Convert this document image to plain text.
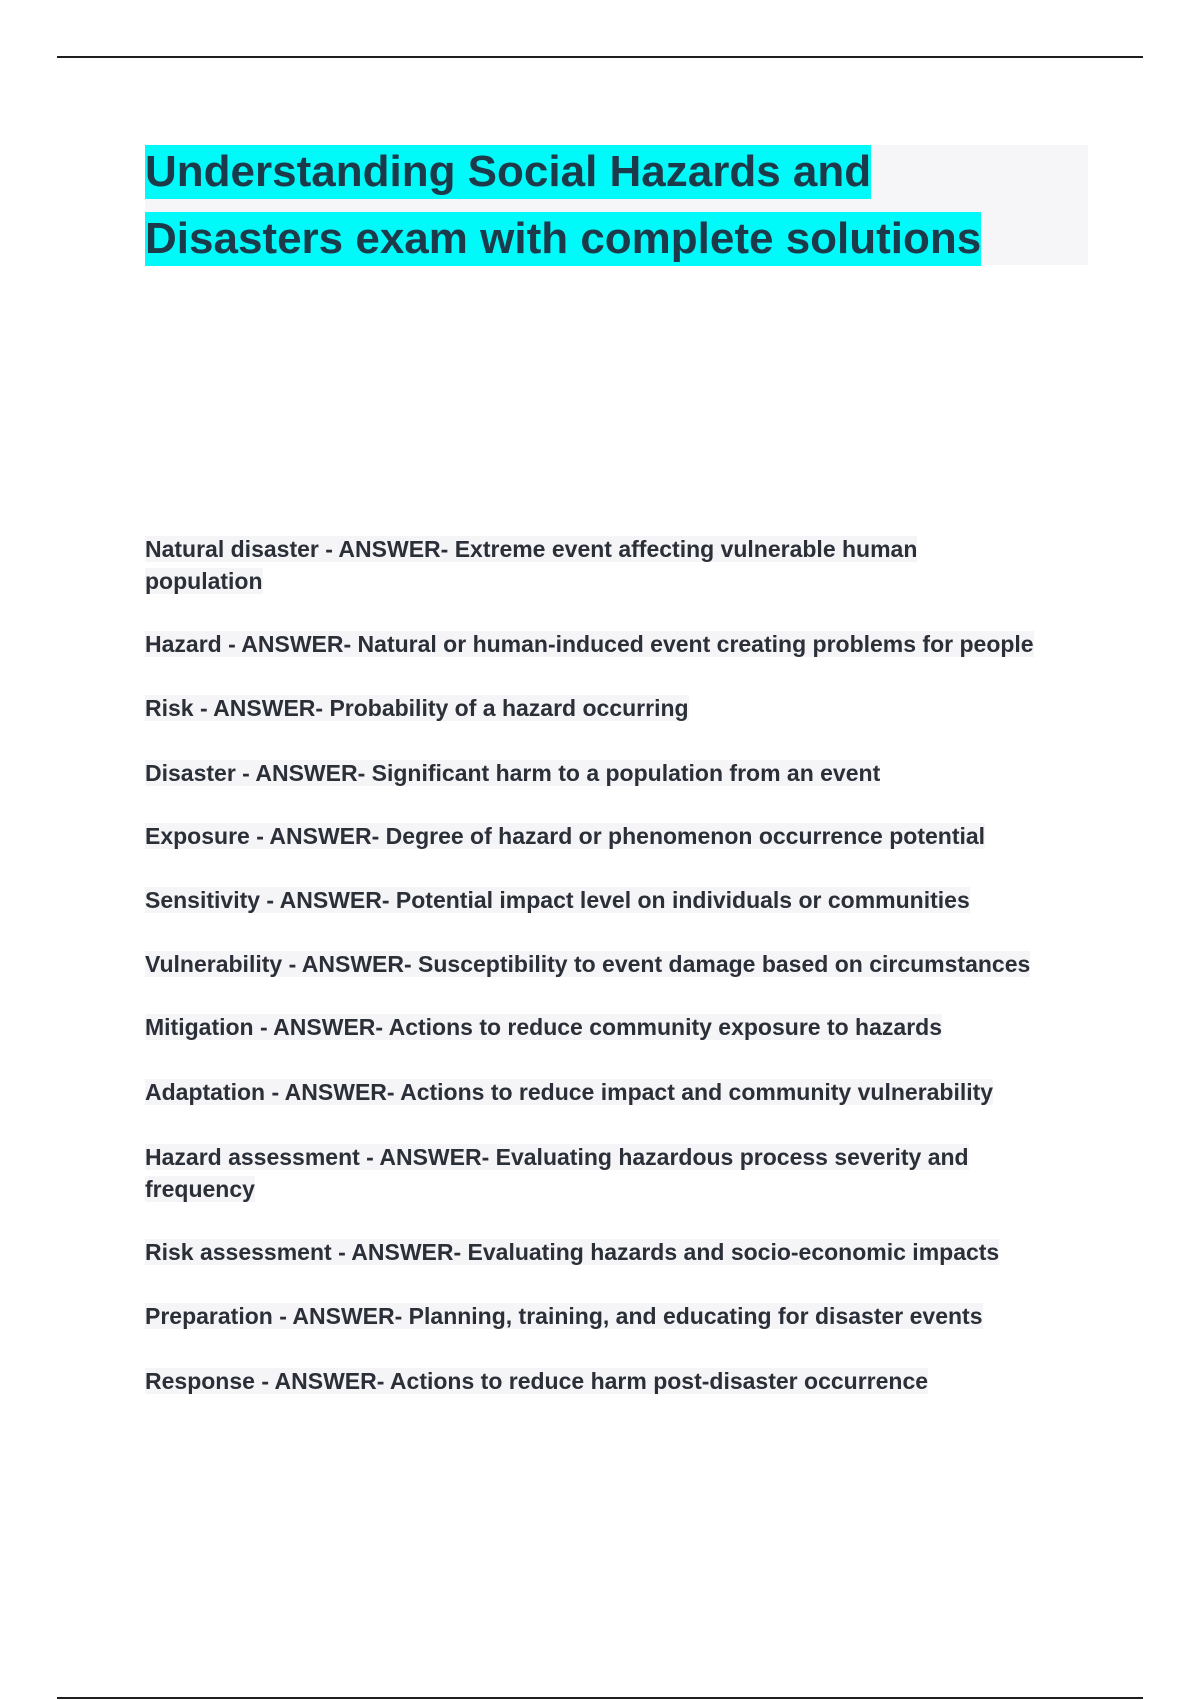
Understanding Social Hazards and
Disasters exam with complete solutions
Natural disaster - ANSWER- Extreme event affecting vulnerable human
population
Hazard - ANSWER- Natural or human-induced event creating problems for people
Risk - ANSWER- Probability of a hazard occurring
Disaster - ANSWER- Significant harm to a population from an event
Exposure - ANSWER- Degree of hazard or phenomenon occurrence potential
Sensitivity - ANSWER- Potential impact level on individuals or communities
Vulnerability - ANSWER- Susceptibility to event damage based on circumstances
Mitigation - ANSWER- Actions to reduce community exposure to hazards
Adaptation - ANSWER- Actions to reduce impact and community vulnerability
Hazard assessment - ANSWER- Evaluating hazardous process severity and
frequency
Risk assessment - ANSWER- Evaluating hazards and socio-economic impacts
Preparation - ANSWER- Planning, training, and educating for disaster events
Response - ANSWER- Actions to reduce harm post-disaster occurrence
